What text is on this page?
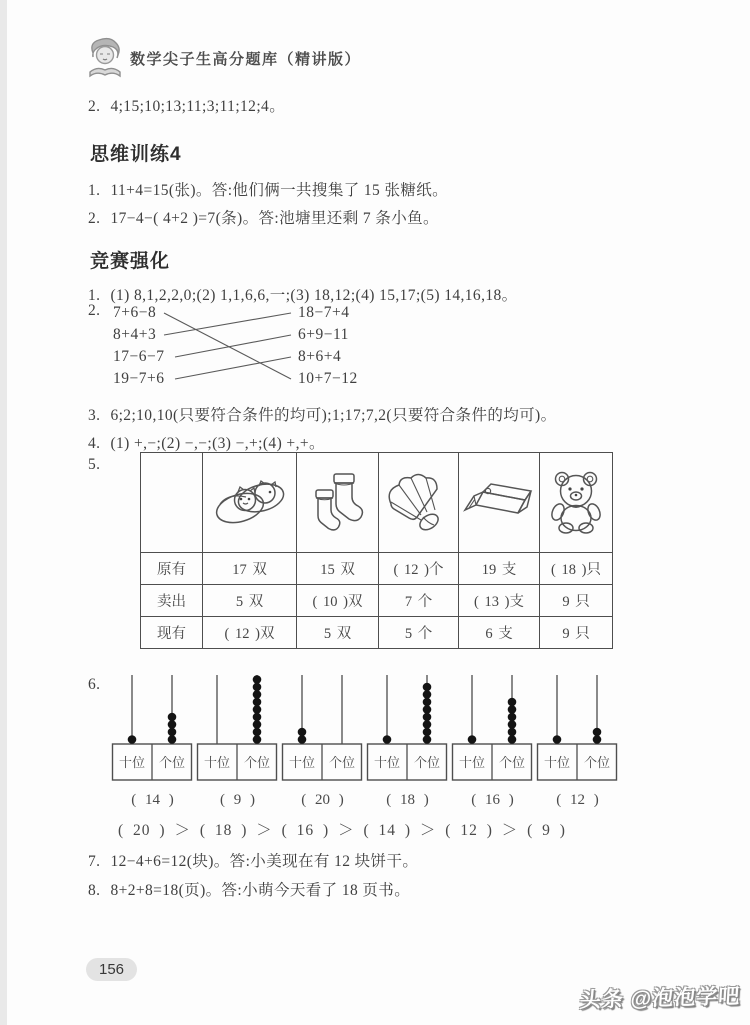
数学尖子生高分题库（精讲版）
2. 4;15;10;13;11;3;11;12;4。
思维训练4
1. 11+4=15(张)。答:他们俩一共搜集了 15 张糖纸。
2. 17−4−( 4+2 )=7(条)。答:池塘里还剩 7 条小鱼。
竞赛强化
1. (1) 8,1,2,2,0;(2) 1,1,6,6,一;(3) 18,12;(4) 15,17;(5) 14,16,18。
2. 7+6−8
8+4+3
17−6−7
19−7+6
18−7+4
6+9−11
8+6+4
10+7−12
3. 6;2;10,10(只要符合条件的均可);1;17;7,2(只要符合条件的均可)。
4. (1) +,−;(2) −,−;(3) −,+;(4) +,+。
5.

原有	17 双	15 双	( 12 )个	19 支	( 18 )只
卖出	5 双	( 10 )双	7 个	( 13 )支	9 只
现有	( 12 )双	5 双	5 个	6 支	9 只
6.
十位 个位 十位 个位 十位 个位 十位 个位 十位 个位 十位 个位
( 14 )	( 9 )	( 20 )	( 18 )	( 16 )	( 12 )
( 20 ) ＞ ( 18 ) ＞ ( 16 ) ＞ ( 14 ) ＞ ( 12 ) ＞ ( 9 )
7. 12−4+6=12(块)。答:小美现在有 12 块饼干。
8. 8+2+8=18(页)。答:小萌今天看了 18 页书。
156
头条 @泡泡学吧
